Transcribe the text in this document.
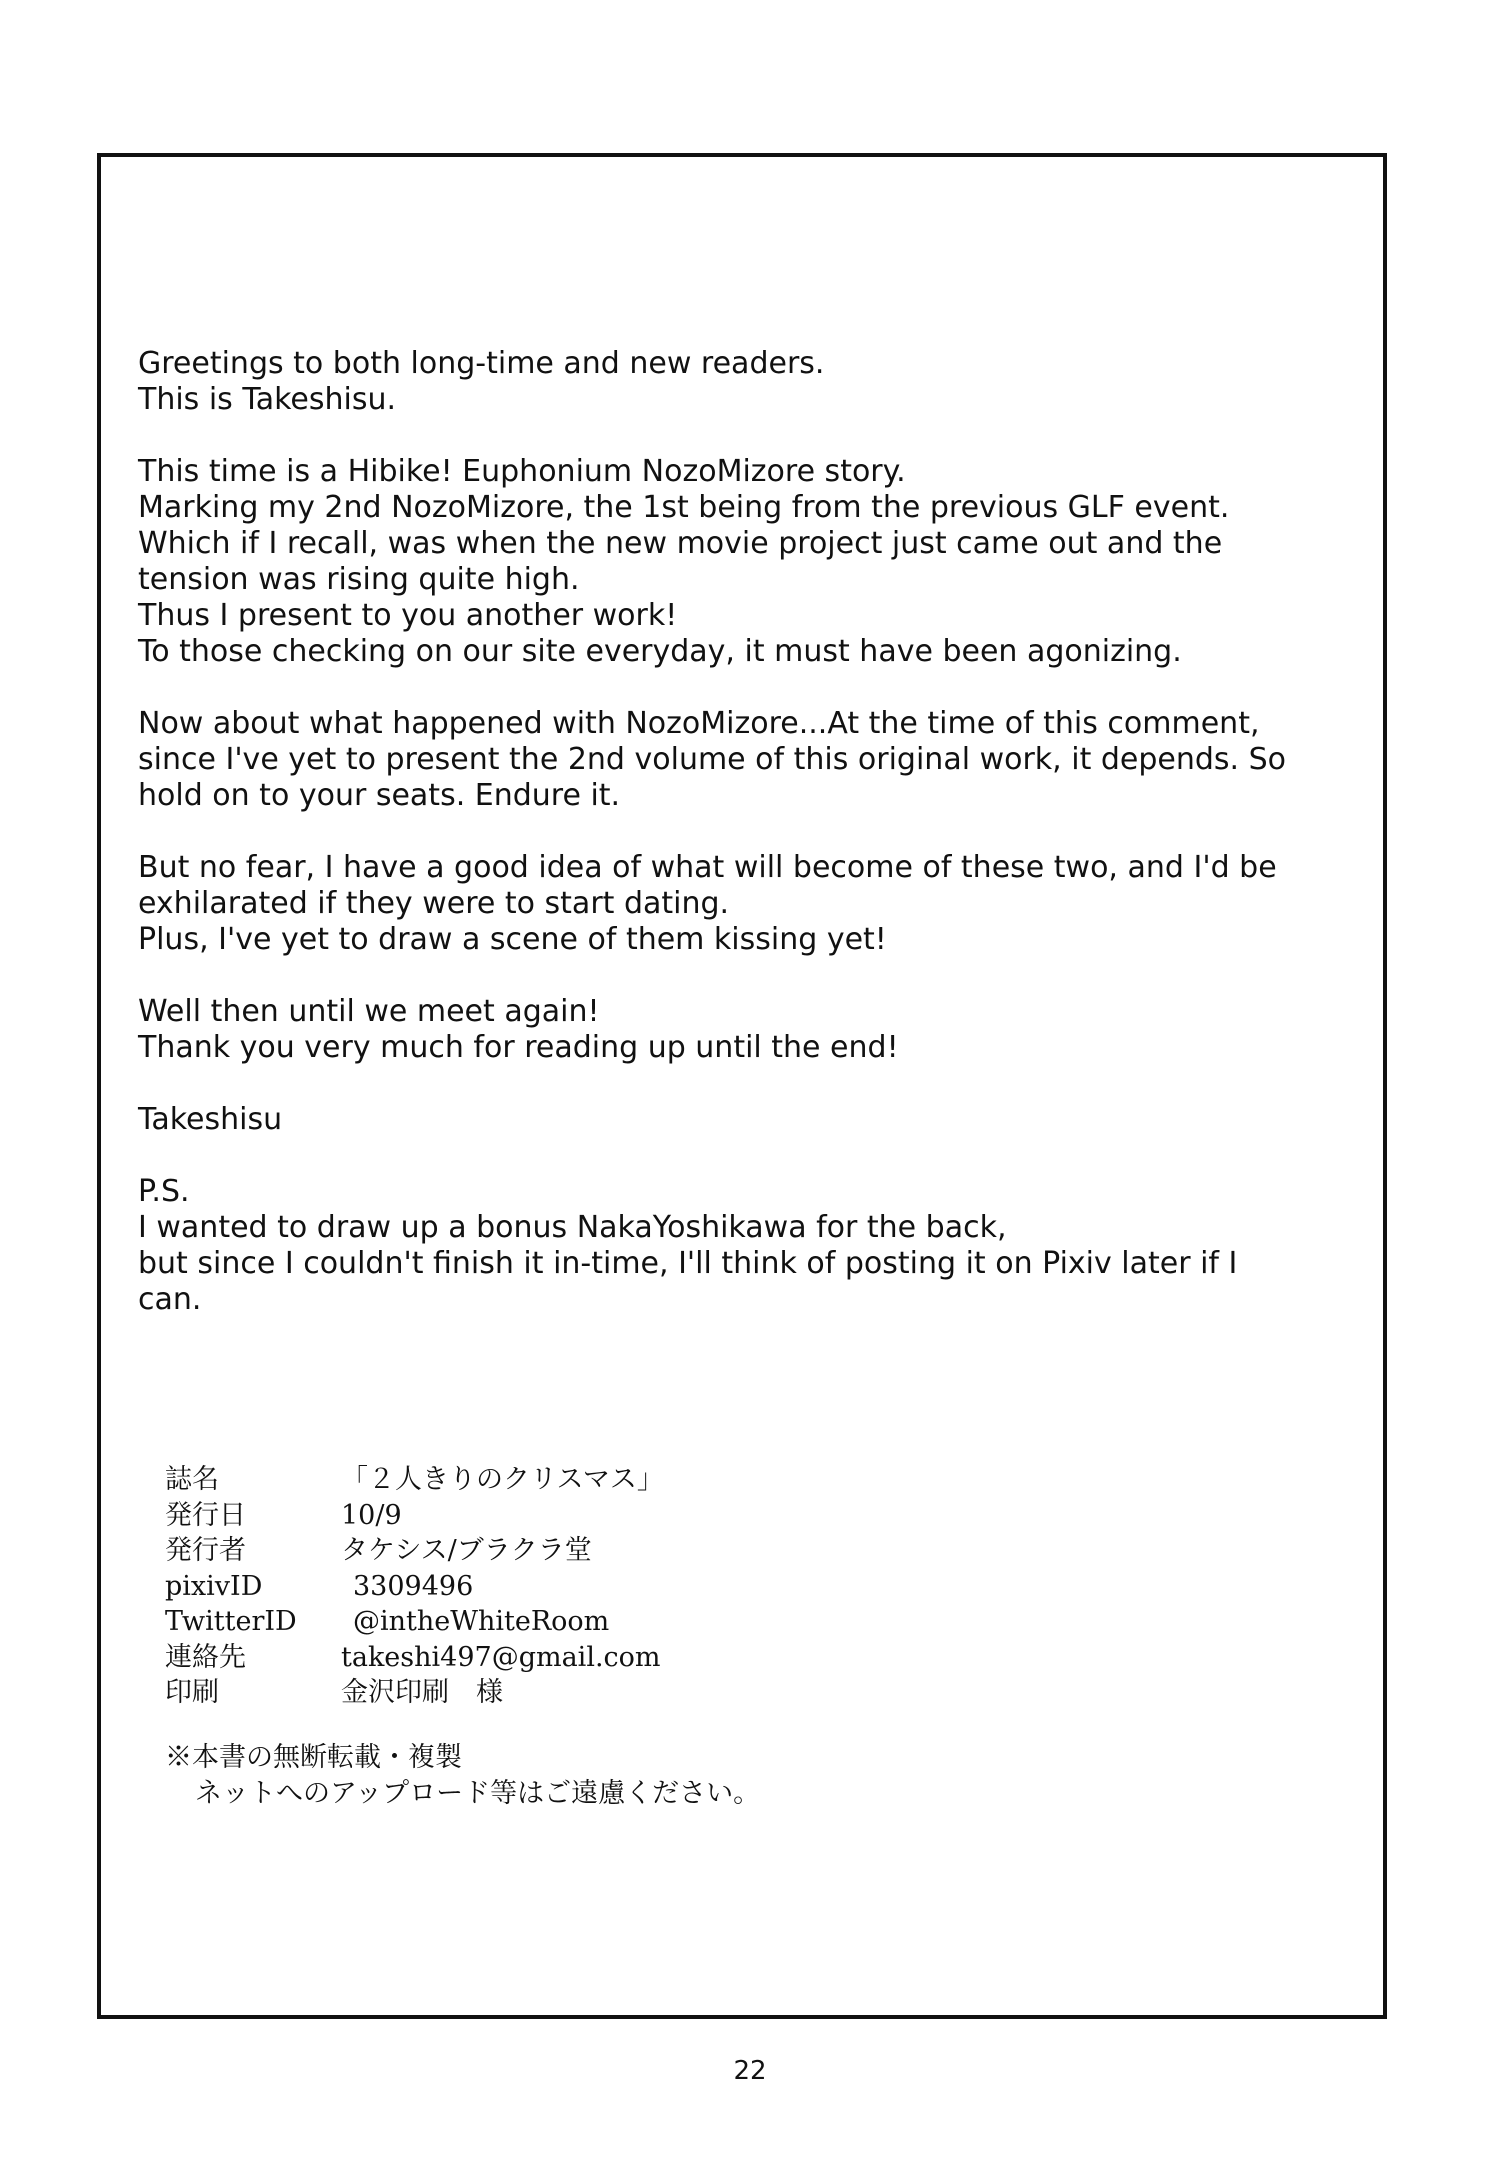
Greetings to both long-time and new readers.
This is Takeshisu.

This time is a Hibike! Euphonium NozoMizore story.
Marking my 2nd NozoMizore, the 1st being from the previous GLF event.
Which if I recall, was when the new movie project just came out and the
tension was rising quite high.
Thus I present to you another work!
To those checking on our site everyday, it must have been agonizing.

Now about what happened with NozoMizore...At the time of this comment,
since I've yet to present the 2nd volume of this original work, it depends. So
hold on to your seats. Endure it.

But no fear, I have a good idea of what will become of these two, and I'd be
exhilarated if they were to start dating.
Plus, I've yet to draw a scene of them kissing yet!

Well then until we meet again!
Thank you very much for reading up until the end!

Takeshisu

P.S.
I wanted to draw up a bonus NakaYoshikawa for the back,
but since I couldn't finish it in-time, I'll think of posting it on Pixiv later if I
can.

誌名	「２人きりのクリスマス」
発行日	10/9
発行者	タケシス/ブラクラ堂
pixivID	3309496
TwitterID	@intheWhiteRoom
連絡先	takeshi497@gmail.com
印刷	金沢印刷　様
※本書の無断転載・複製
ネットへのアップロード等はご遠慮ください。
22
